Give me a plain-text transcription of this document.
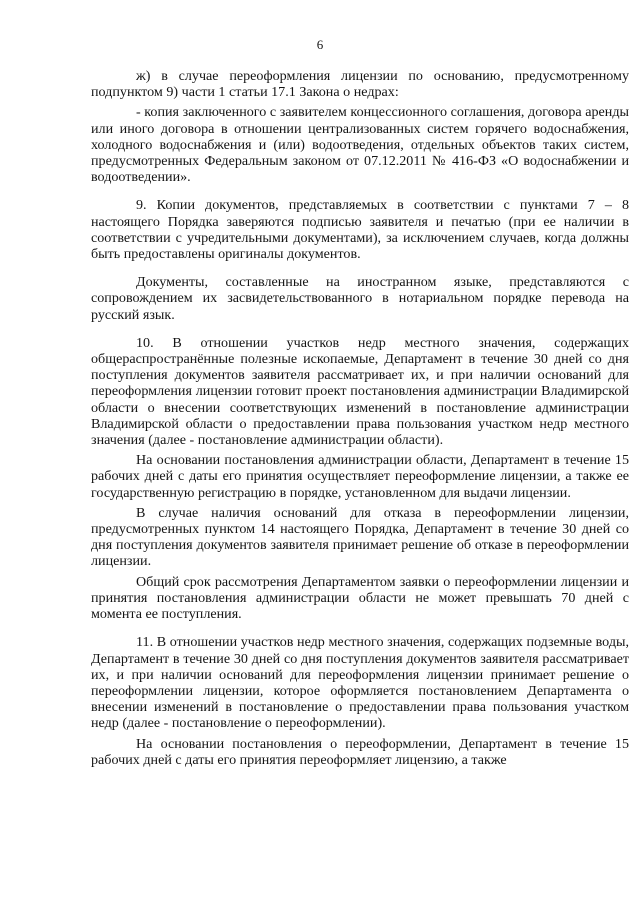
6

ж) в случае переоформления лицензии по основанию, предусмотренному подпунктом 9) части 1 статьи 17.1 Закона о недрах:

- копия заключенного с заявителем концессионного соглашения, договора аренды или иного договора в отношении централизованных систем горячего водоснабжения, холодного водоснабжения и (или) водоотведения, отдельных объектов таких систем, предусмотренных Федеральным законом от 07.12.2011 № 416-ФЗ «О водоснабжении и водоотведении».

9. Копии документов, представляемых в соответствии с пунктами 7 – 8 настоящего Порядка заверяются подписью заявителя и печатью (при ее наличии в соответствии с учредительными документами), за исключением случаев, когда должны быть предоставлены оригиналы документов.

Документы, составленные на иностранном языке, представляются с сопровождением их засвидетельствованного в нотариальном порядке перевода на русский язык.

10. В отношении участков недр местного значения, содержащих общераспространённые полезные ископаемые, Департамент в течение 30 дней со дня поступления документов заявителя рассматривает их, и при наличии оснований для переоформления лицензии готовит проект постановления администрации Владимирской области о внесении соответствующих изменений в постановление администрации Владимирской области о предоставлении права пользования участком недр местного значения (далее - постановление администрации области).

На основании постановления администрации области, Департамент в течение 15 рабочих дней с даты его принятия осуществляет переоформление лицензии, а также ее государственную регистрацию в порядке, установленном для выдачи лицензии.

В случае наличия оснований для отказа в переоформлении лицензии, предусмотренных пунктом 14 настоящего Порядка, Департамент в течение 30 дней со дня поступления документов заявителя принимает решение об отказе в переоформлении лицензии.

Общий срок рассмотрения Департаментом заявки о переоформлении лицензии и принятия постановления администрации области не может превышать 70 дней с момента ее поступления.

11. В отношении участков недр местного значения, содержащих подземные воды, Департамент в течение 30 дней со дня поступления документов заявителя рассматривает их, и при наличии оснований для переоформления лицензии принимает решение о переоформлении лицензии, которое оформляется постановлением Департамента о внесении изменений в постановление о предоставлении права пользования участком недр (далее - постановление о переоформлении).

На основании постановления о переоформлении, Департамент в течение 15 рабочих дней с даты его принятия переоформляет лицензию, а также
